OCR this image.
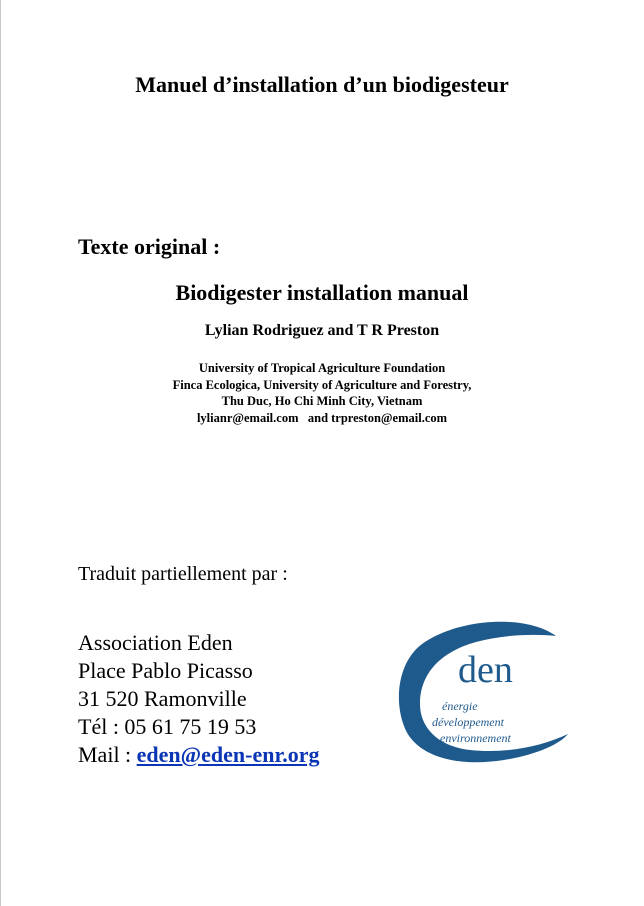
Manuel d’installation d’un biodigesteur
Texte original :
Biodigester installation manual
Lylian Rodriguez and T R Preston
University of Tropical Agriculture Foundation
Finca Ecologica, University of Agriculture and Forestry,
Thu Duc, Ho Chi Minh City, Vietnam
lylianr@email.com   and trpreston@email.com
Traduit partiellement par :
Association Eden
Place Pablo Picasso
31 520 Ramonville
Tél : 05 61 75 19 53
Mail : eden@eden-enr.org
den
énergie
développement
environnement
